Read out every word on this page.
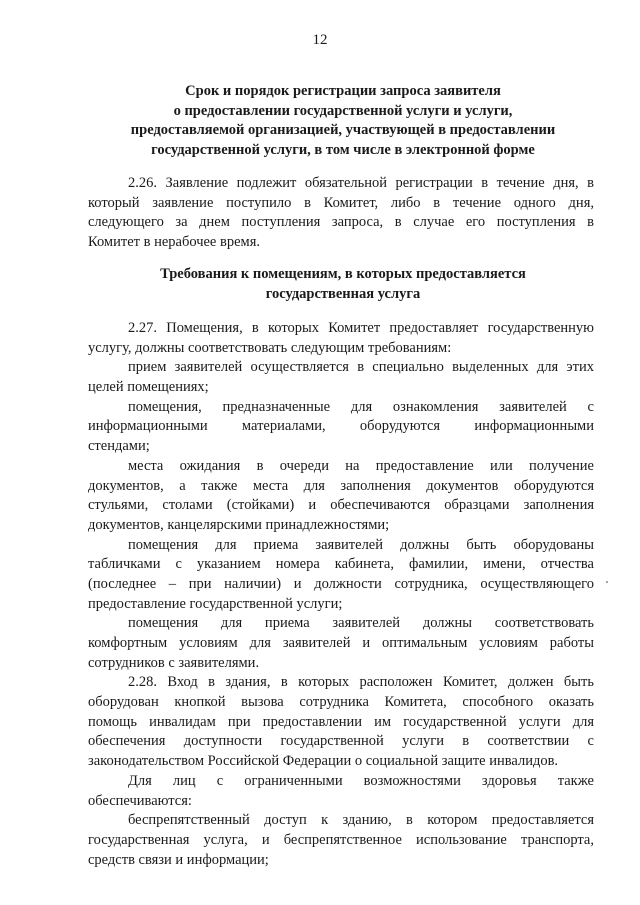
12
Срок и порядок регистрации запроса заявителя
о предоставлении государственной услуги и услуги,
предоставляемой организацией, участвующей в предоставлении
государственной услуги, в том числе в электронной форме
2.26. Заявление подлежит обязательной регистрации в течение дня, в
который заявление поступило в Комитет, либо в течение одного дня,
следующего за днем поступления запроса, в случае его поступления в
Комитет в нерабочее время.
Требования к помещениям, в которых предоставляется
государственная услуга
2.27. Помещения, в которых Комитет предоставляет государственную
услугу, должны соответствовать следующим требованиям:
прием заявителей осуществляется в специально выделенных для этих
целей помещениях;
помещения, предназначенные для ознакомления заявителей с
информационными материалами, оборудуются информационными
стендами;
места ожидания в очереди на предоставление или получение
документов, а также места для заполнения документов оборудуются
стульями, столами (стойками) и обеспечиваются образцами заполнения
документов, канцелярскими принадлежностями;
помещения для приема заявителей должны быть оборудованы
табличками с указанием номера кабинета, фамилии, имени, отчества
(последнее – при наличии) и должности сотрудника, осуществляющего
предоставление государственной услуги;
помещения для приема заявителей должны соответствовать
комфортным условиям для заявителей и оптимальным условиям работы
сотрудников с заявителями.
2.28. Вход в здания, в которых расположен Комитет, должен быть
оборудован кнопкой вызова сотрудника Комитета, способного оказать
помощь инвалидам при предоставлении им государственной услуги для
обеспечения доступности государственной услуги в соответствии с
законодательством Российской Федерации о социальной защите инвалидов.
Для лиц с ограниченными возможностями здоровья также
обеспечиваются:
беспрепятственный доступ к зданию, в котором предоставляется
государственная услуга, и беспрепятственное использование транспорта,
средств связи и информации;
